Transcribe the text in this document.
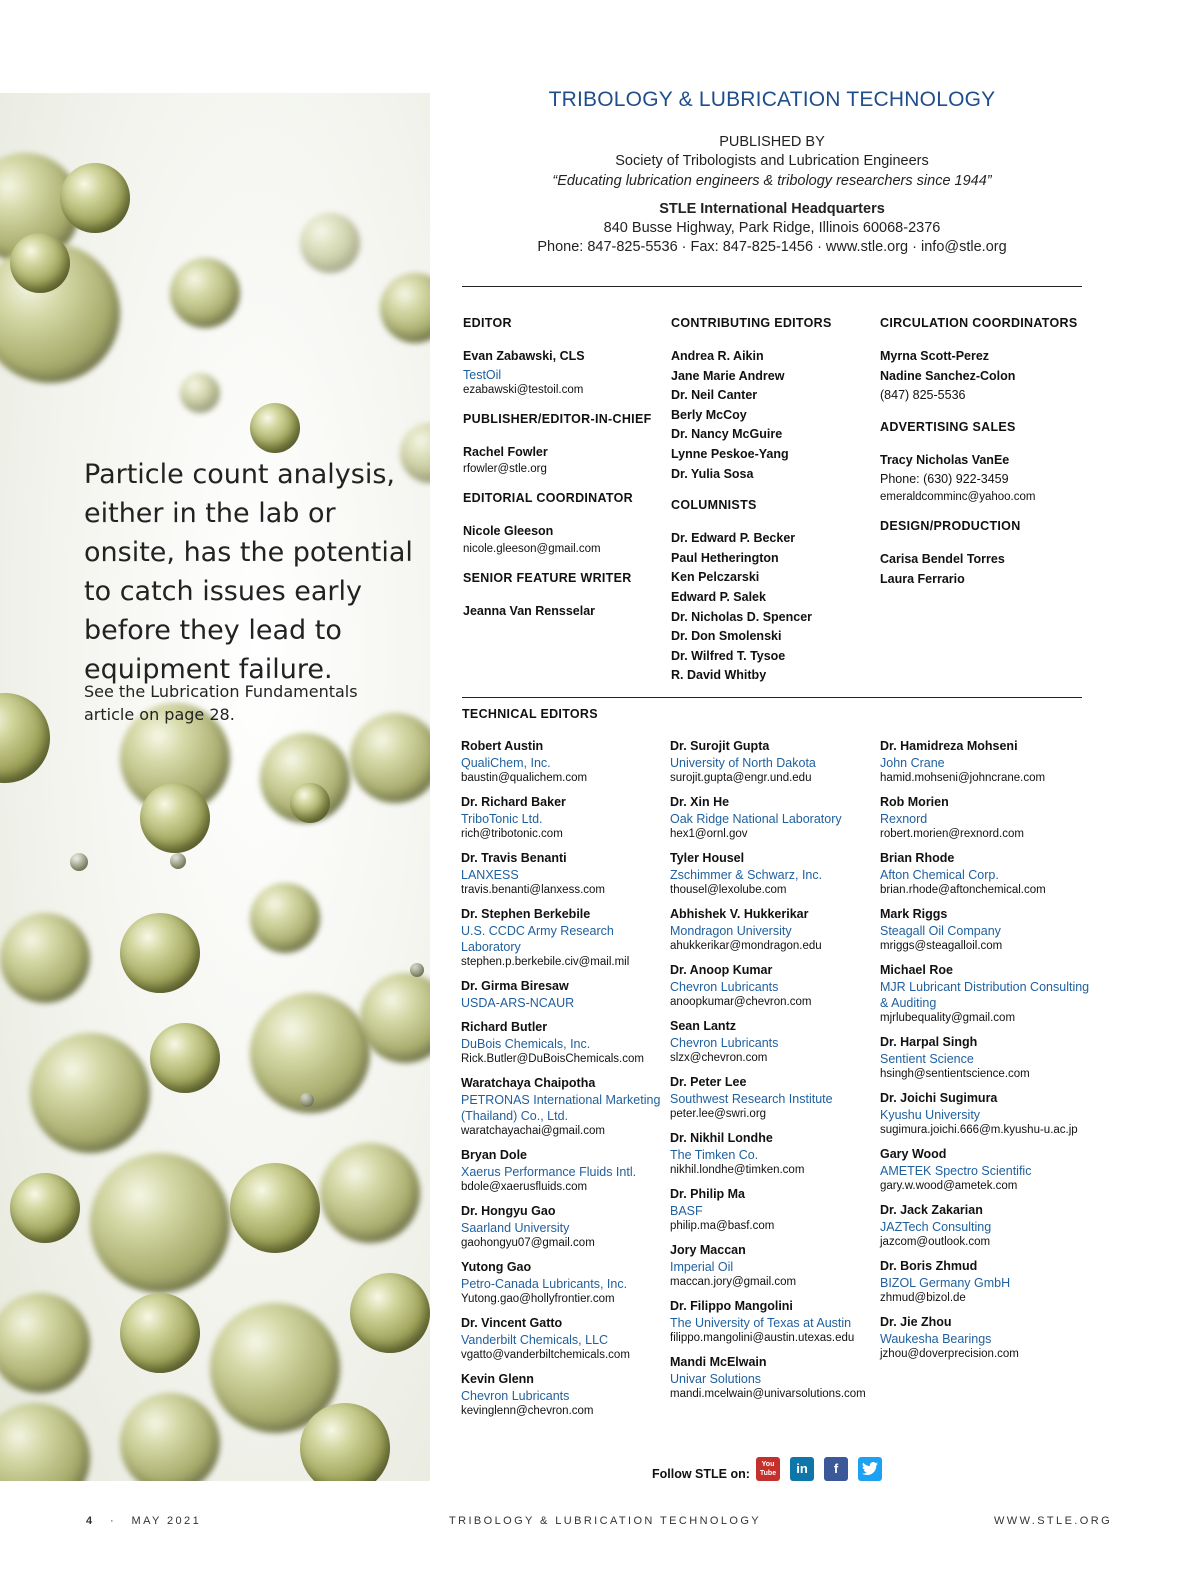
Particle count analysis, either in the lab or onsite, has the potential to catch issues early before they lead to equipment failure.
See the Lubrication Fundamentals article on page 28.
TRIBOLOGY & LUBRICATION TECHNOLOGY
PUBLISHED BY
Society of Tribologists and Lubrication Engineers
“Educating lubrication engineers & tribology researchers since 1944”
STLE International Headquarters
840 Busse Highway, Park Ridge, Illinois 60068-2376
Phone: 847-825-5536 · Fax: 847-825-1456 · www.stle.org · info@stle.org
EDITOR
Evan Zabawski, CLS
TestOil
ezabawski@testoil.com
PUBLISHER/EDITOR-IN-CHIEF
Rachel Fowler
rfowler@stle.org
EDITORIAL COORDINATOR
Nicole Gleeson
nicole.gleeson@gmail.com
SENIOR FEATURE WRITER
Jeanna Van Rensselar
CONTRIBUTING EDITORS
Andrea R. Aikin
Jane Marie Andrew
Dr. Neil Canter
Berly McCoy
Dr. Nancy McGuire
Lynne Peskoe-Yang
Dr. Yulia Sosa
COLUMNISTS
Dr. Edward P. Becker
Paul Hetherington
Ken Pelczarski
Edward P. Salek
Dr. Nicholas D. Spencer
Dr. Don Smolenski
Dr. Wilfred T. Tysoe
R. David Whitby
CIRCULATION COORDINATORS
Myrna Scott-Perez
Nadine Sanchez-Colon
(847) 825-5536
ADVERTISING SALES
Tracy Nicholas VanEe
Phone: (630) 922-3459
emeraldcomminc@yahoo.com
DESIGN/PRODUCTION
Carisa Bendel Torres
Laura Ferrario
TECHNICAL EDITORS
Robert Austin
QualiChem, Inc.
baustin@qualichem.com
Dr. Richard Baker
TriboTonic Ltd.
rich@tribotonic.com
Dr. Travis Benanti
LANXESS
travis.benanti@lanxess.com
Dr. Stephen Berkebile
U.S. CCDC Army Research Laboratory
stephen.p.berkebile.civ@mail.mil
Dr. Girma Biresaw
USDA-ARS-NCAUR
Richard Butler
DuBois Chemicals, Inc.
Rick.Butler@DuBoisChemicals.com
Waratchaya Chaipotha
PETRONAS International Marketing (Thailand) Co., Ltd.
waratchayachai@gmail.com
Bryan Dole
Xaerus Performance Fluids Intl.
bdole@xaerusfluids.com
Dr. Hongyu Gao
Saarland University
gaohongyu07@gmail.com
Yutong Gao
Petro-Canada Lubricants, Inc.
Yutong.gao@hollyfrontier.com
Dr. Vincent Gatto
Vanderbilt Chemicals, LLC
vgatto@vanderbiltchemicals.com
Kevin Glenn
Chevron Lubricants
kevinglenn@chevron.com
Dr. Surojit Gupta
University of North Dakota
surojit.gupta@engr.und.edu
Dr. Xin He
Oak Ridge National Laboratory
hex1@ornl.gov
Tyler Housel
Zschimmer & Schwarz, Inc.
thousel@lexolube.com
Abhishek V. Hukkerikar
Mondragon University
ahukkerikar@mondragon.edu
Dr. Anoop Kumar
Chevron Lubricants
anoopkumar@chevron.com
Sean Lantz
Chevron Lubricants
slzx@chevron.com
Dr. Peter Lee
Southwest Research Institute
peter.lee@swri.org
Dr. Nikhil Londhe
The Timken Co.
nikhil.londhe@timken.com
Dr. Philip Ma
BASF
philip.ma@basf.com
Jory Maccan
Imperial Oil
maccan.jory@gmail.com
Dr. Filippo Mangolini
The University of Texas at Austin
filippo.mangolini@austin.utexas.edu
Mandi McElwain
Univar Solutions
mandi.mcelwain@univarsolutions.com
Dr. Hamidreza Mohseni
John Crane
hamid.mohseni@johncrane.com
Rob Morien
Rexnord
robert.morien@rexnord.com
Brian Rhode
Afton Chemical Corp.
brian.rhode@aftonchemical.com
Mark Riggs
Steagall Oil Company
mriggs@steagalloil.com
Michael Roe
MJR Lubricant Distribution Consulting & Auditing
mjrlubequality@gmail.com
Dr. Harpal Singh
Sentient Science
hsingh@sentientscience.com
Dr. Joichi Sugimura
Kyushu University
sugimura.joichi.666@m.kyushu-u.ac.jp
Gary Wood
AMETEK Spectro Scientific
gary.w.wood@ametek.com
Dr. Jack Zakarian
JAZTech Consulting
jazcom@outlook.com
Dr. Boris Zhmud
BIZOL Germany GmbH
zhmud@bizol.de
Dr. Jie Zhou
Waukesha Bearings
jzhou@doverprecision.com
Follow STLE on:
You Tube	in	f
4 · MAY 2021	TRIBOLOGY & LUBRICATION TECHNOLOGY	WWW.STLE.ORG
